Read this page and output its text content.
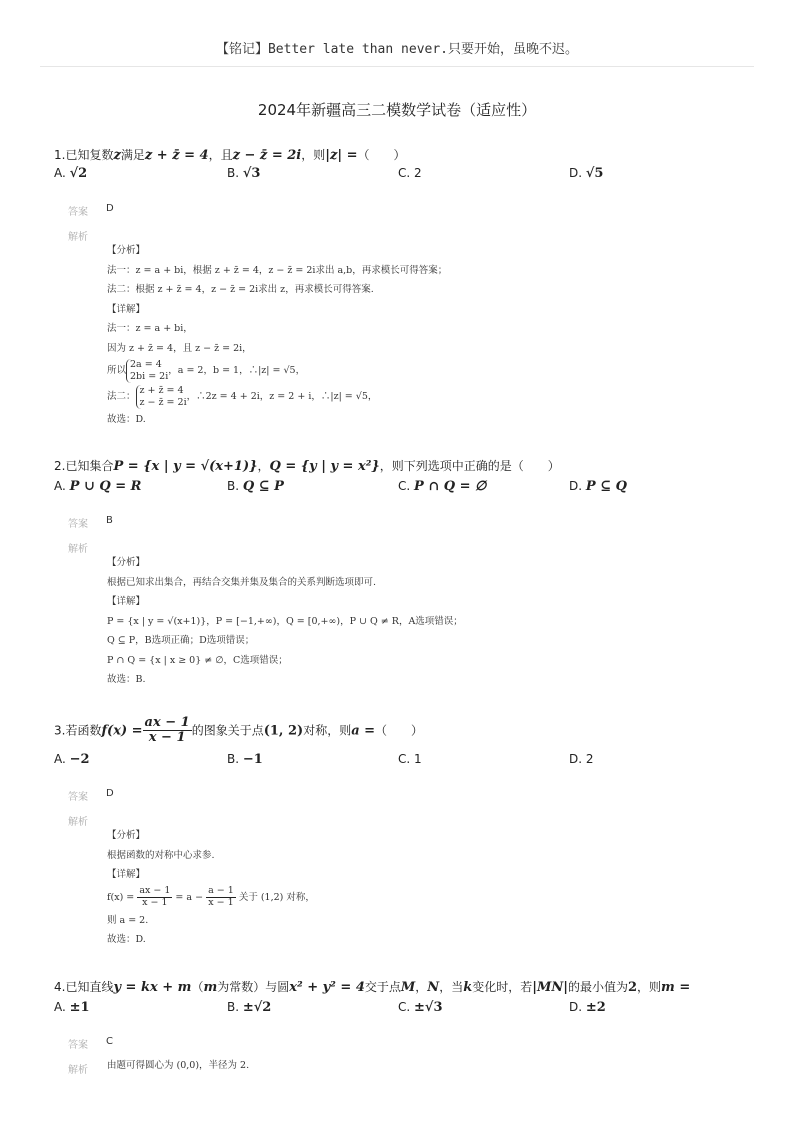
【铭记】Better late than never.只要开始，虽晚不迟。
2024年新疆高三二模数学试卷（适应性）
1.已知复数z满足z + z̄ = 4，且z − z̄ = 2i，则|z| =（　　）
A. √2	B. √3	C. 2	D. √5
答案 D
解析
【分析】
法一：z = a + bi，根据 z + z̄ = 4，z − z̄ = 2i求出 a,b，再求模长可得答案；
法二：根据 z + z̄ = 4，z − z̄ = 2i求出 z，再求模长可得答案.
【详解】
法一：z = a + bi，
因为 z + z̄ = 4，且 z − z̄ = 2i，
所以
2a = 4
2bi = 2i ，a = 2，b = 1，∴|z| = √5，
法二：
z + z̄ = 4
z − z̄ = 2i ，∴2z = 4 + 2i，z = 2 + i，∴|z| = √5，
故选：D.
2.已知集合P = {x | y = √(x+1)}，Q = {y | y = x²}，则下列选项中正确的是（　　）
A. P ∪ Q = R	B. Q ⊆ P	C. P ∩ Q = ∅	D. P ⊆ Q
答案 B
解析
【分析】
根据已知求出集合，再结合交集并集及集合的关系判断选项即可.
【详解】
P = {x | y = √(x+1)}，P = [−1,+∞)，Q = [0,+∞)，P ∪ Q ≠ R，A选项错误；
Q ⊆ P，B选项正确；D选项错误；
P ∩ Q = {x | x ≥ 0} ≠ ∅，C选项错误；
故选：B.
3.若函数$f(x) = \frac{ax - 1}{x - 1}$ 的图象关于点(1, 2)对称，则a =（　　）
A. −2	B. −1	C. 1	D. 2
答案 D
解析
【分析】
根据函数的对称中心求参.
【详解】
$f(x) = \frac{ax - 1}{x - 1} = a - \frac{a - 1}{x - 1}$ 关于 (1,2) 对称，
则 a = 2.
故选：D.
4.已知直线y = kx + m（m为常数）与圆x² + y² = 4交于点M，N，当k变化时，若|MN|的最小值为2，则m =
A. ±1	B. ±√2	C. ±√3	D. ±2
答案 C
解析 由题可得圆心为 (0,0)，半径为 2.
